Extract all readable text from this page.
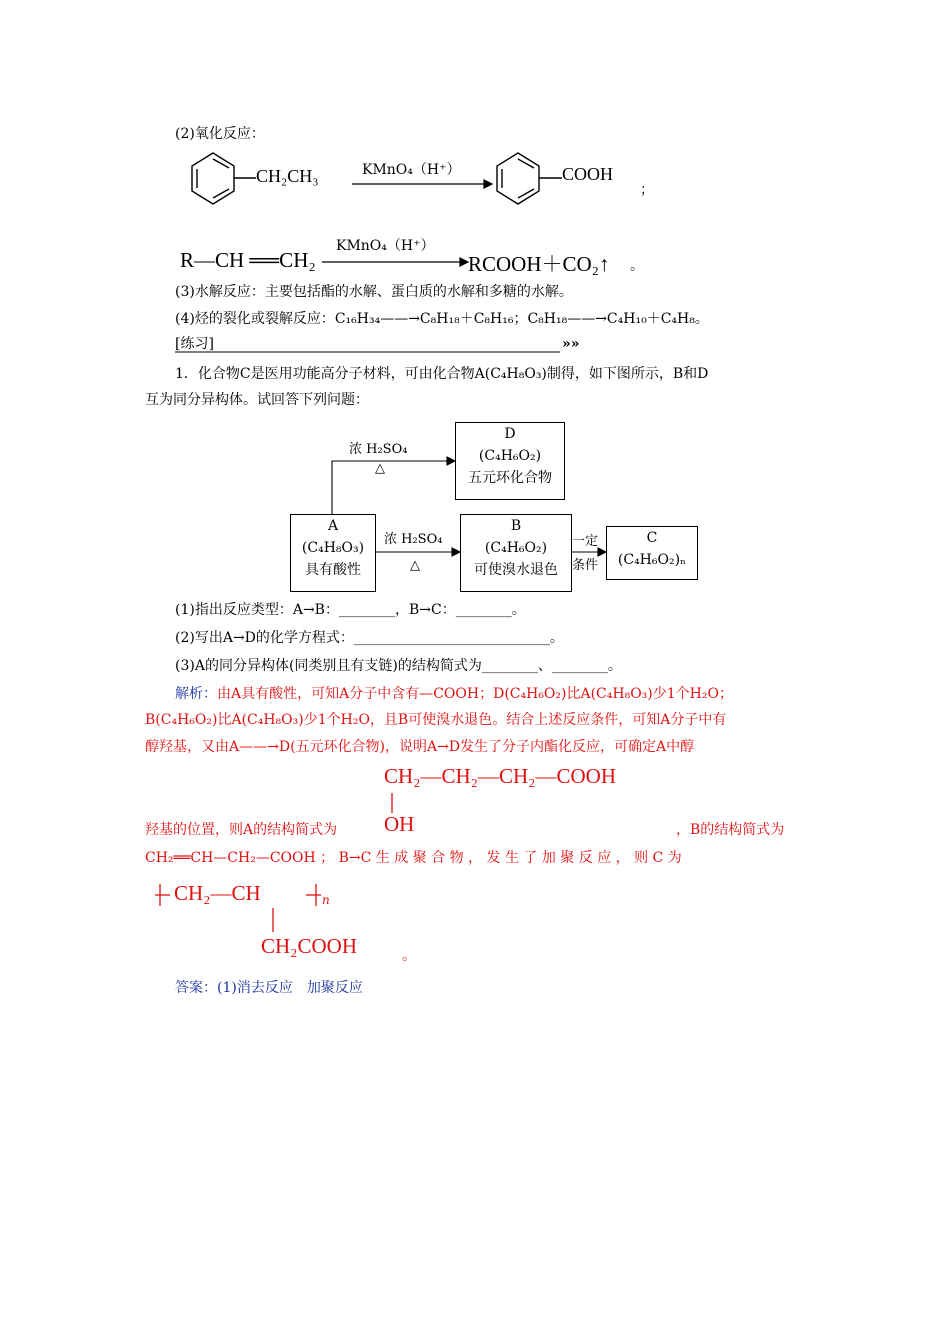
(2)氧化反应：
CH₂CH₃	KMnO₄（H⁺）	COOH
；
R—CH ══CH₂
KMnO₄（H⁺）
RCOOH＋CO₂↑ 。
(3)水解反应：主要包括酯的水解、蛋白质的水解和多糖的水解。
(4)烃的裂化或裂解反应：C₁₆H₃₄——→C₈H₁₈＋C₈H₁₆；C₈H₁₈——→C₄H₁₀＋C₄H₈。
[练习]	»»
1．化合物C是医用功能高分子材料，可由化合物A(C₄H₈O₃)制得，如下图所示，B和D
互为同分异构体。试回答下列问题：
浓 H₂SO₄
△
D
(C₄H₆O₂)
五元环化合物
A
(C₄H₈O₃)
具有酸性
浓 H₂SO₄
△
B
(C₄H₆O₂)
可使溴水退色
一定
条件
C
(C₄H₆O₂)ₙ
(1)指出反应类型：A→B：________，B→C：________。
(2)写出A→D的化学方程式：____________________________。
(3)A的同分异构体(同类别且有支链)的结构简式为________、________。
解析：由A具有酸性，可知A分子中含有—COOH；D(C₄H₆O₂)比A(C₄H₈O₃)少1个H₂O；
B(C₄H₆O₂)比A(C₄H₈O₃)少1个H₂O，且B可使溴水退色。结合上述反应条件，可知A分子中有
醇羟基，又由A——→D(五元环化合物)，说明A→D发生了分子内酯化反应，可确定A中醇
CH₂—CH₂—CH₂—COOH
OH
羟基的位置，则A的结构简式为	，B的结构简式为
CH₂══CH—CH₂—COOH ； B→C 生 成 聚 合 物 ， 发 生 了 加 聚 反 应 ， 则 C 为
CH₂—CH	n
CH₂COOH	。
答案：(1)消去反应　加聚反应
